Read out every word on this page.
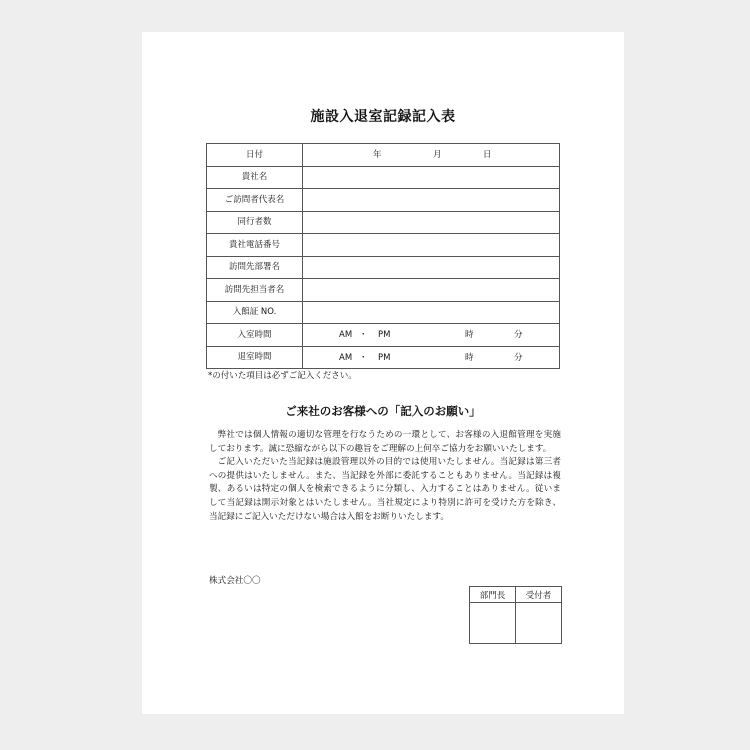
施設入退室記録記入表
日付	年 月 日

貴社名	
ご訪問者代表名	
同行者数	
貴社電話番号	
訪問先部署名	
訪問先担当者名	
入館証 NO.	
入室時間	AM ・ PM 時 分

退室時間	AM ・ PM 時 分
*の付いた項目は必ずご記入ください。
ご来社のお客様への「記入のお願い」

弊社では個人情報の適切な管理を行なうための一環として、お客様の入退館管理を実施しております。誠に恐縮ながら以下の趣旨をご理解の上何卒ご協力をお願いいたします。

ご記入いただいた当記録は施設管理以外の目的では使用いたしません。当記録は第三者への提供はいたしません。また、当記録を外部に委託することもありません。当記録は複製、あるいは特定の個人を検索できるように分類し、入力することはありません。従いまして当記録は開示対象とはいたしません。当社規定により特別に許可を受けた方を除き、当記録にご記入いただけない場合は入館をお断りいたします。

株式会社〇〇
部門長	受付者
